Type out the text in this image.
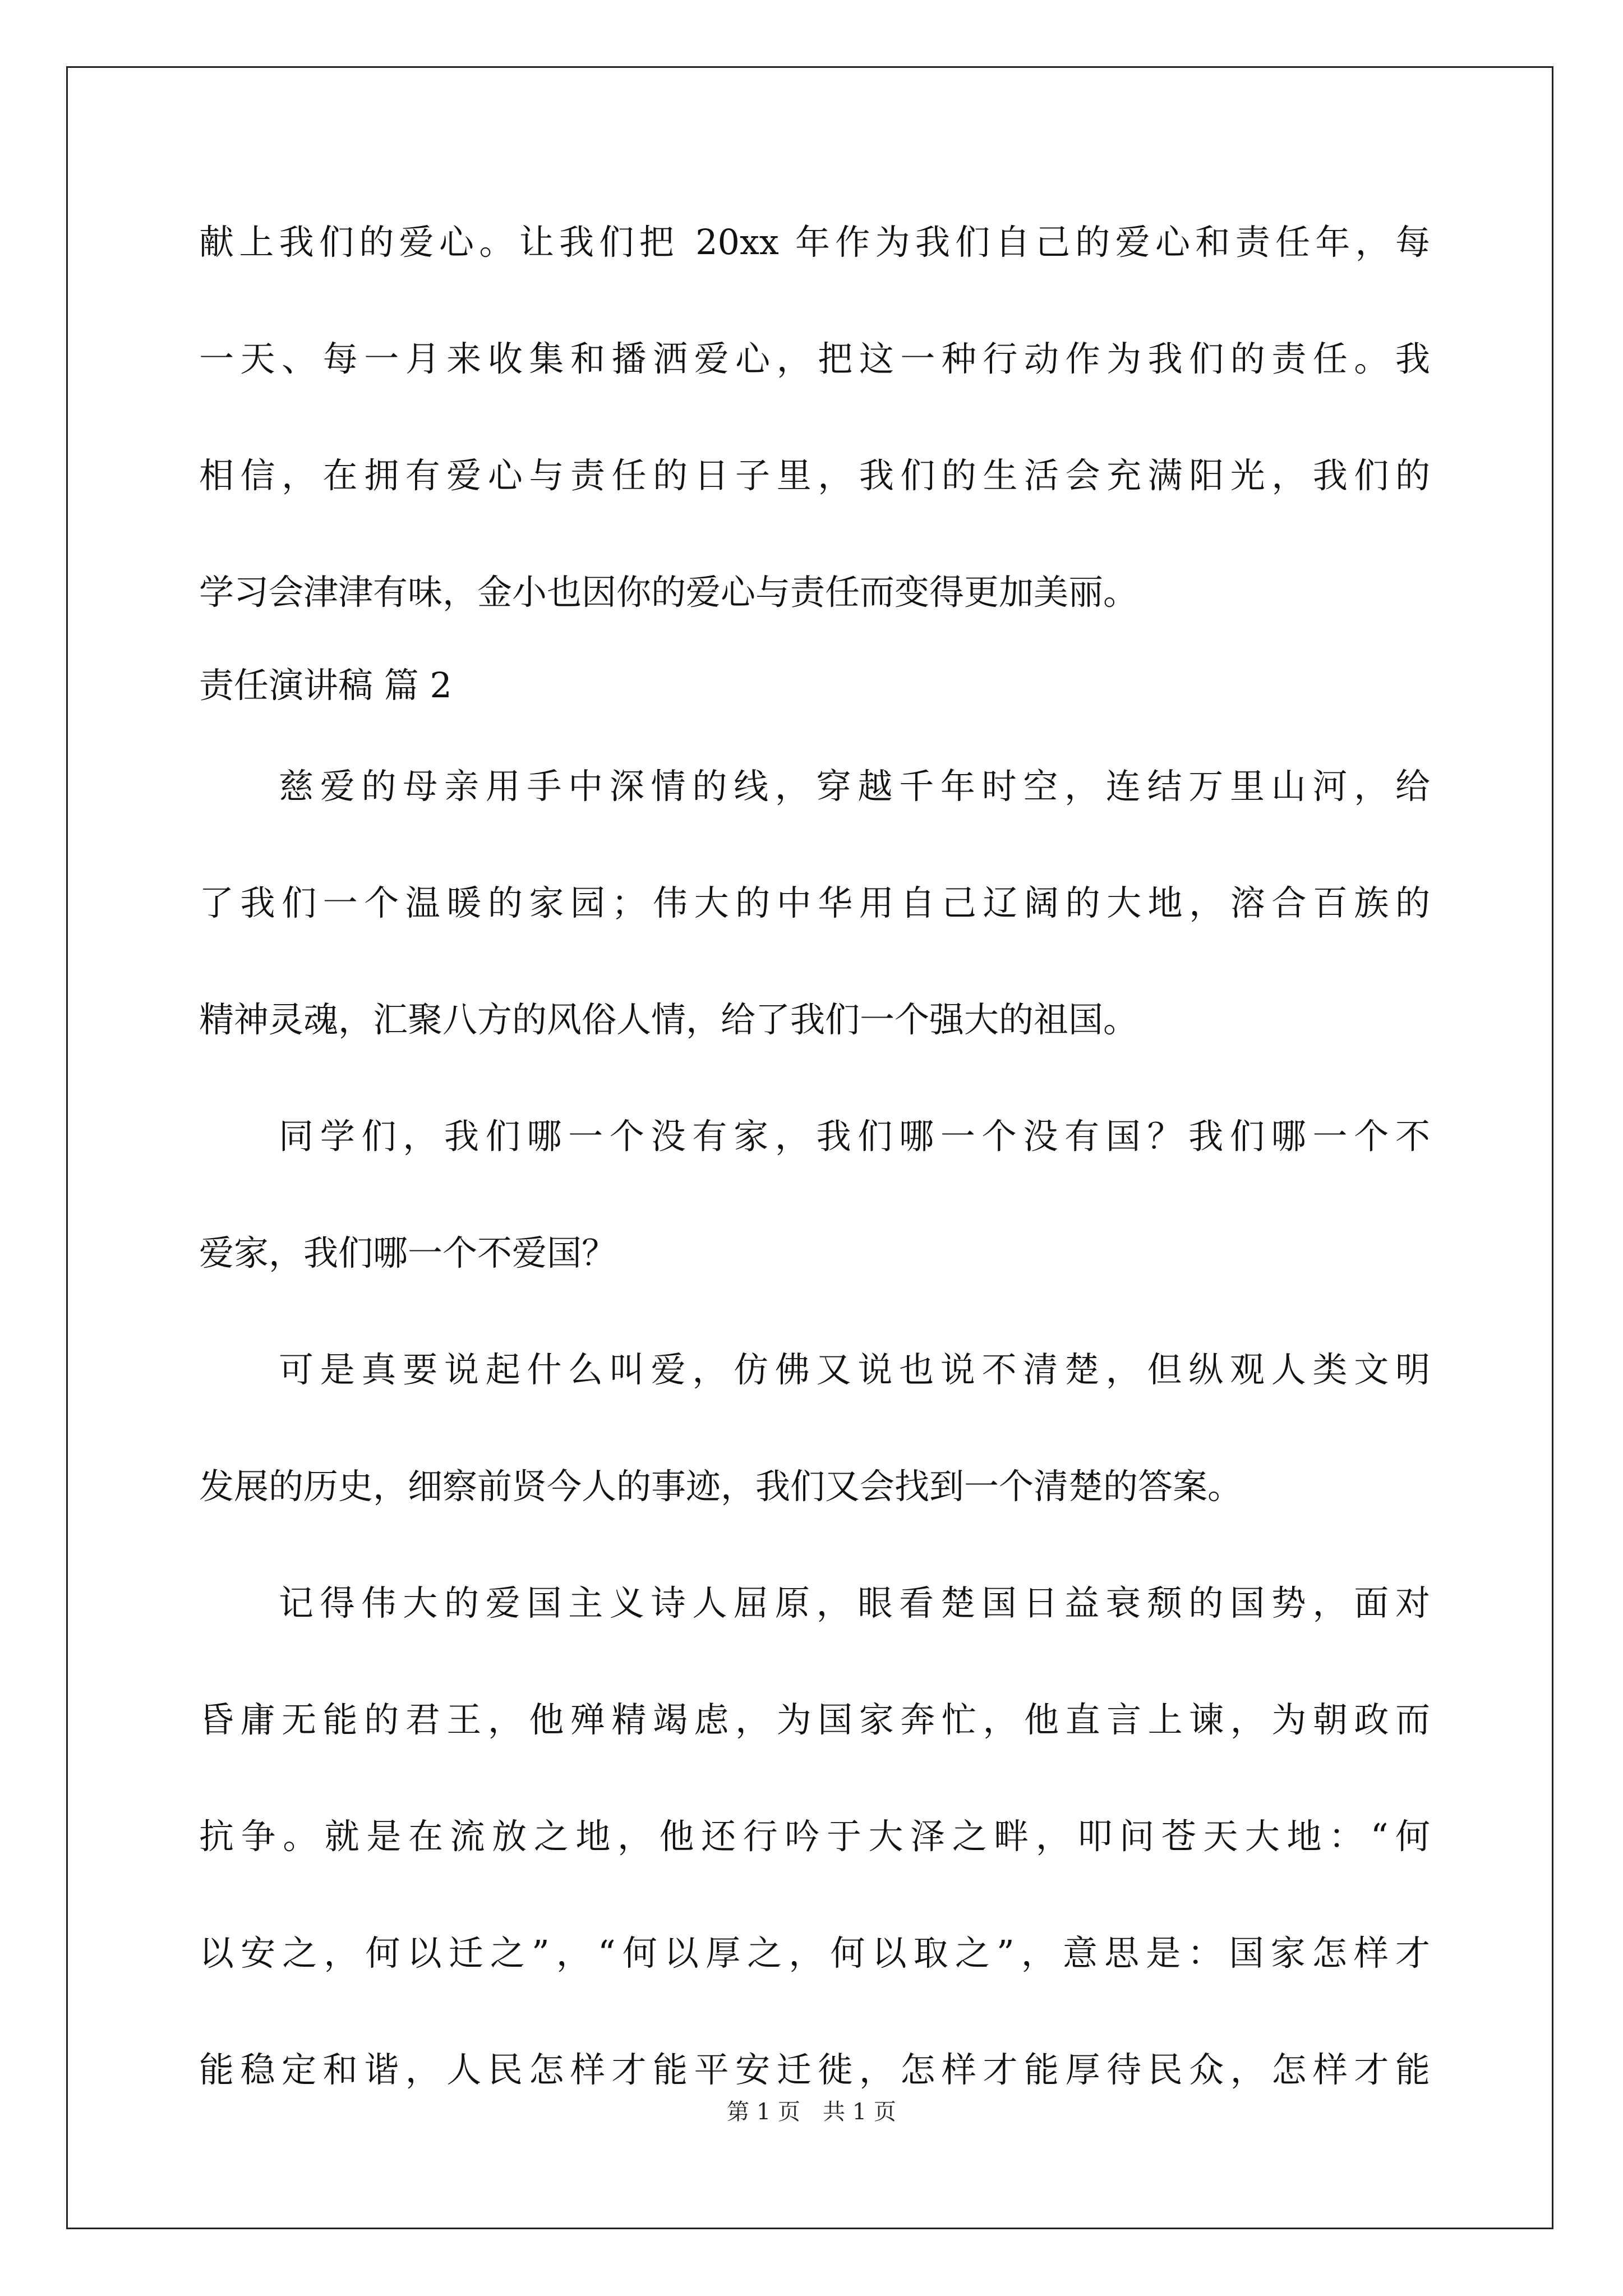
献上我们的爱心。让我们把 20xx 年作为我们自己的爱心和责任年，每
一天、每一月来收集和播洒爱心，把这一种行动作为我们的责任。我
相信，在拥有爱心与责任的日子里，我们的生活会充满阳光，我们的
学习会津津有味，金小也因你的爱心与责任而变得更加美丽。
责任演讲稿 篇 2
慈爱的母亲用手中深情的线，穿越千年时空，连结万里山河，给
了我们一个温暖的家园；伟大的中华用自己辽阔的大地，溶合百族的
精神灵魂，汇聚八方的风俗人情，给了我们一个强大的祖国。
同学们，我们哪一个没有家，我们哪一个没有国？我们哪一个不
爱家，我们哪一个不爱国？
可是真要说起什么叫爱，仿佛又说也说不清楚，但纵观人类文明
发展的历史，细察前贤今人的事迹，我们又会找到一个清楚的答案。
记得伟大的爱国主义诗人屈原，眼看楚国日益衰颓的国势，面对
昏庸无能的君王，他殚精竭虑，为国家奔忙，他直言上谏，为朝政而
抗争。就是在流放之地，他还行吟于大泽之畔，叩问苍天大地：“何
以安之，何以迁之”，“何以厚之，何以取之”，意思是：国家怎样才
能稳定和谐，人民怎样才能平安迁徙，怎样才能厚待民众，怎样才能
第 1 页　共 1 页
